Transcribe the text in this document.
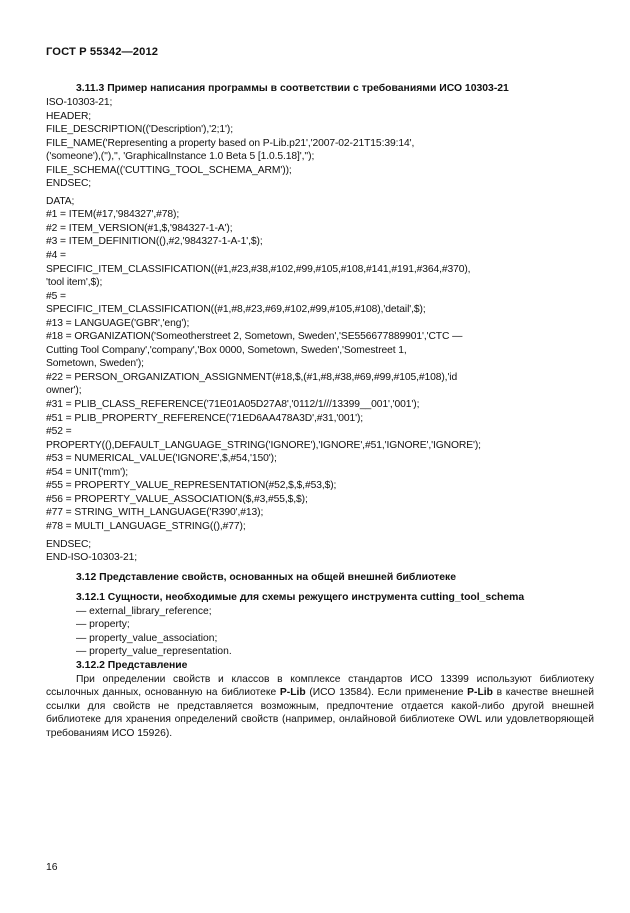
ГОСТ Р 55342—2012
3.11.3 Пример написания программы в соответствии с требованиями ИСО 10303-21
ISO-10303-21;
HEADER;
FILE_DESCRIPTION(('Description'),'2;1');
FILE_NAME('Representing a property based on P-Lib.p21','2007-02-21T15:39:14',
('someone'),(''),'', 'GraphicalInstance 1.0 Beta 5 [1.0.5.18]','');
FILE_SCHEMA(('CUTTING_TOOL_SCHEMA_ARM'));
ENDSEC;
DATA;
#1 = ITEM(#17,'984327',#78);
#2 = ITEM_VERSION(#1,$,'984327-1-A');
#3 = ITEM_DEFINITION((),#2,'984327-1-A-1',$);
#4 =
SPECIFIC_ITEM_CLASSIFICATION((#1,#23,#38,#102,#99,#105,#108,#141,#191,#364,#370),
'tool item',$);
#5 =
SPECIFIC_ITEM_CLASSIFICATION((#1,#8,#23,#69,#102,#99,#105,#108),'detail',$);
#13 = LANGUAGE('GBR','eng');
#18 = ORGANIZATION('Someotherstreet 2, Sometown, Sweden','SE556677889901','CTC —
Cutting Tool Company','company','Box 0000, Sometown, Sweden','Somestreet 1,
Sometown, Sweden');
#22 = PERSON_ORGANIZATION_ASSIGNMENT(#18,$,(#1,#8,#38,#69,#99,#105,#108),'id
owner');
#31 = PLIB_CLASS_REFERENCE('71E01A05D27A8','0112/1///13399__001','001');
#51 = PLIB_PROPERTY_REFERENCE('71ED6AA478A3D',#31,'001');
#52 =
PROPERTY((),DEFAULT_LANGUAGE_STRING('IGNORE'),'IGNORE',#51,'IGNORE','IGNORE');
#53 = NUMERICAL_VALUE('IGNORE',$,#54,'150');
#54 = UNIT('mm');
#55 = PROPERTY_VALUE_REPRESENTATION(#52,$,$,#53,$);
#56 = PROPERTY_VALUE_ASSOCIATION($,#3,#55,$,$);
#77 = STRING_WITH_LANGUAGE('R390',#13);
#78 = MULTI_LANGUAGE_STRING((),#77);
ENDSEC;
END-ISO-10303-21;
3.12 Представление свойств, основанных на общей внешней библиотеке
3.12.1 Сущности, необходимые для схемы режущего инструмента cutting_tool_schema
— external_library_reference;
— property;
— property_value_association;
— property_value_representation.
3.12.2 Представление
При определении свойств и классов в комплексе стандартов ИСО 13399 используют библиотеку ссылочных данных, основанную на библиотеке P-Lib (ИСО 13584). Если применение P-Lib в качестве внешней ссылки для свойств не представляется возможным, предпочтение отдается какой-либо другой внешней библиотеке для хранения определений свойств (например, онлайновой библиотеке OWL или удовлетворяющей требованиям ИСО 15926).
16
